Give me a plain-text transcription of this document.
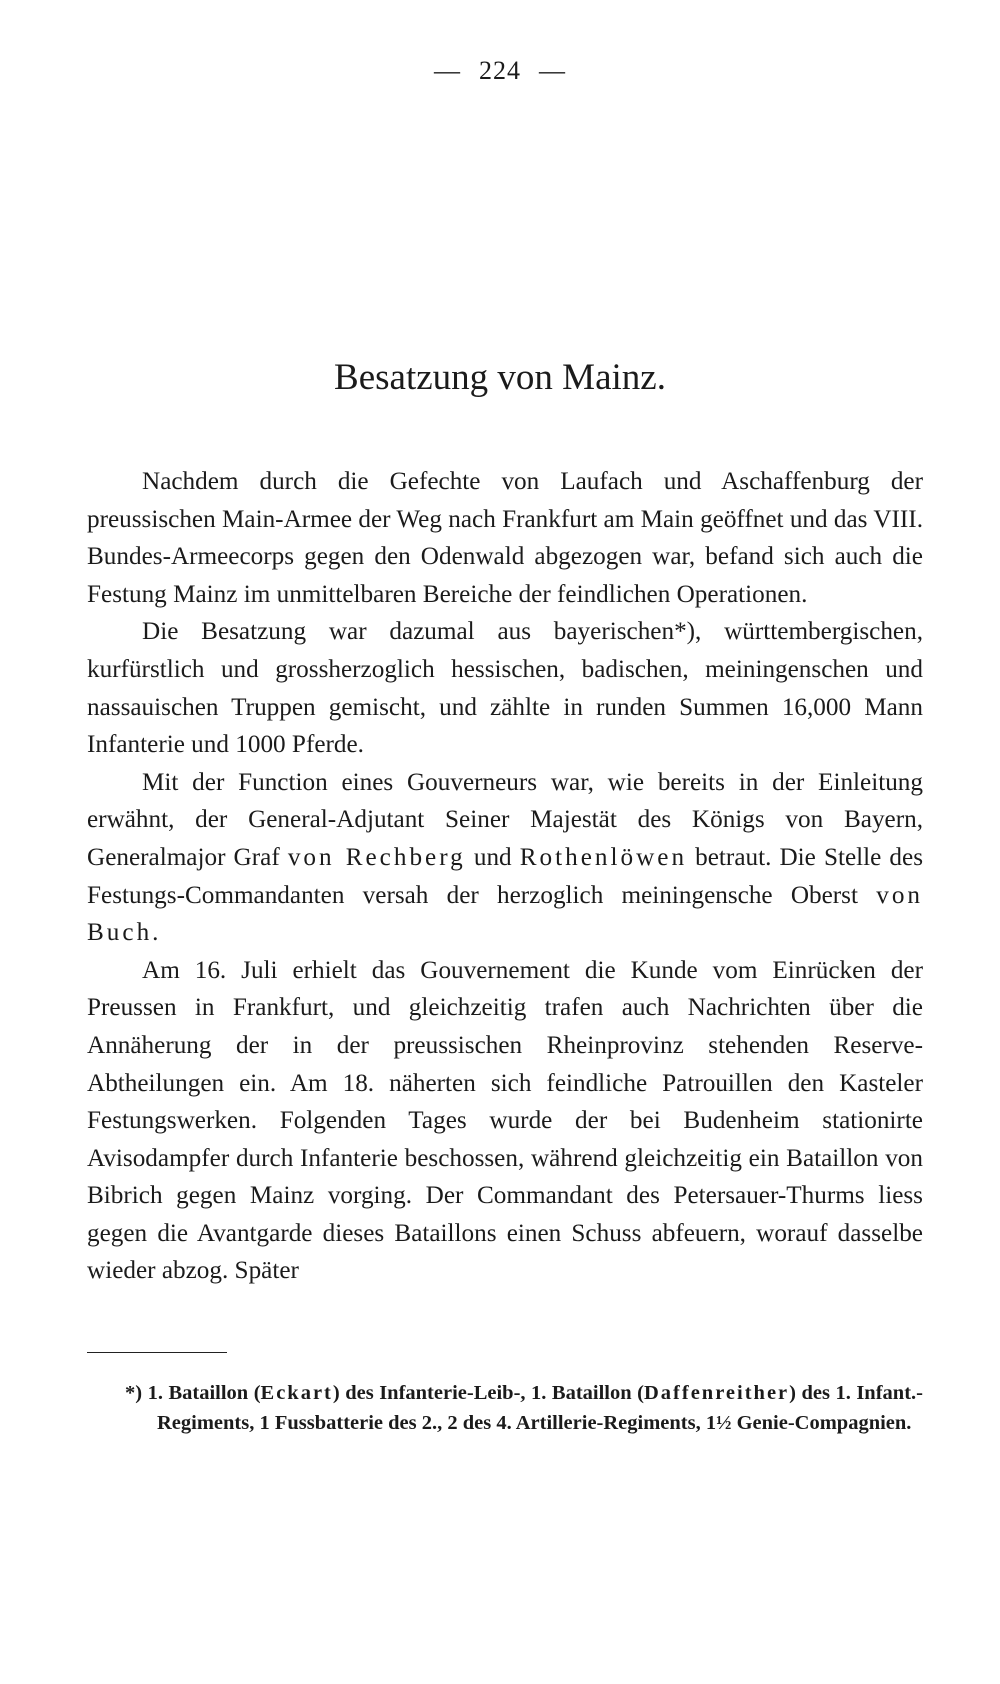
— 224 —
Besatzung von Mainz.

Nachdem durch die Gefechte von Laufach und Aschaffenburg der preussischen Main-Armee der Weg nach Frankfurt am Main geöffnet und das VIII. Bundes-Armeecorps gegen den Odenwald abgezogen war, befand sich auch die Festung Mainz im unmittelbaren Bereiche der feindlichen Operationen.

Die Besatzung war dazumal aus bayerischen*), württembergischen, kurfürstlich und grossherzoglich hessischen, badischen, meiningenschen und nassauischen Truppen gemischt, und zählte in runden Summen 16,000 Mann Infanterie und 1000 Pferde.

Mit der Function eines Gouverneurs war, wie bereits in der Einleitung erwähnt, der General-Adjutant Seiner Majestät des Königs von Bayern, Generalmajor Graf von Rechberg und Rothenlöwen betraut. Die Stelle des Festungs-Commandanten versah der herzoglich meiningensche Oberst von Buch.

Am 16. Juli erhielt das Gouvernement die Kunde vom Einrücken der Preussen in Frankfurt, und gleichzeitig trafen auch Nachrichten über die Annäherung der in der preussischen Rheinprovinz stehenden Reserve-Abtheilungen ein. Am 18. näherten sich feindliche Patrouillen den Kasteler Festungswerken. Folgenden Tages wurde der bei Budenheim stationirte Avisodampfer durch Infanterie beschossen, während gleichzeitig ein Bataillon von Bibrich gegen Mainz vorging. Der Commandant des Petersauer-Thurms liess gegen die Avantgarde dieses Bataillons einen Schuss abfeuern, worauf dasselbe wieder abzog. Später

*) 1. Bataillon (Eckart) des Infanterie-Leib-, 1. Bataillon (Daffenreither) des 1. Infant.-Regiments, 1 Fussbatterie des 2., 2 des 4. Artillerie-Regiments, 1½ Genie-Compagnien.
